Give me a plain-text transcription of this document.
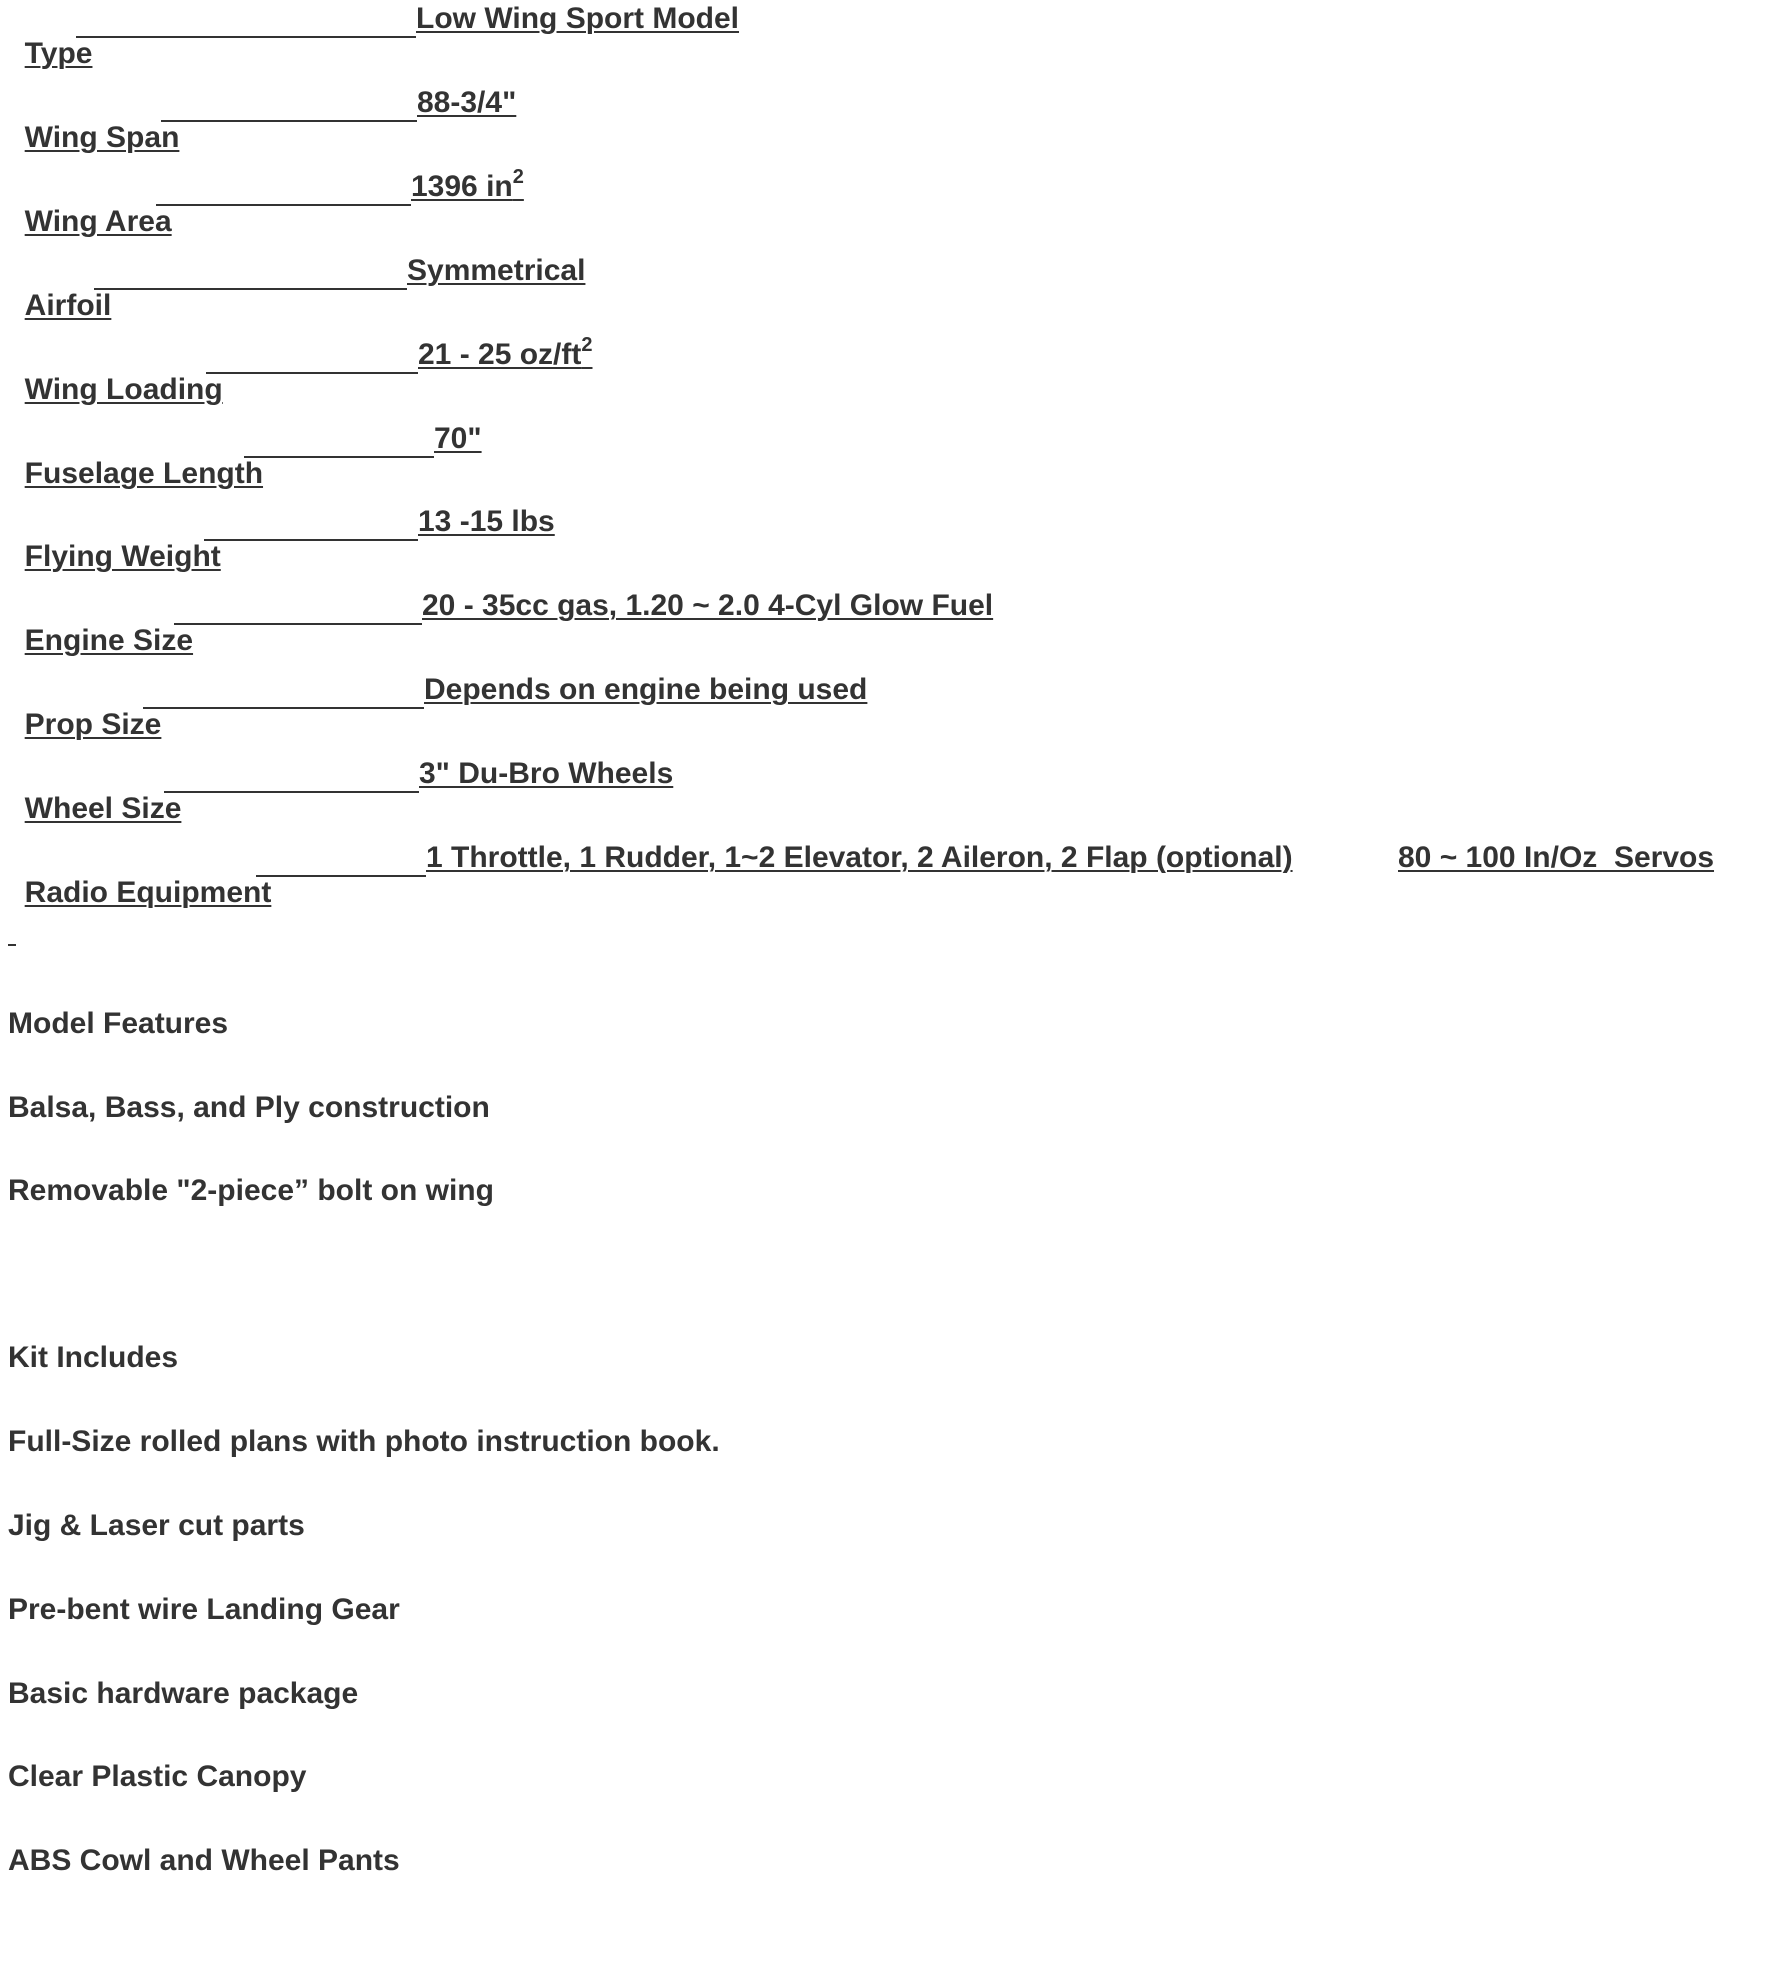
Type

Low Wing Sport Model

Wing Span

88-3/4"

Wing Area

1396 $in^2$

Airfoil

Symmetrical

Wing Loading

21 - 25 $oz/ft^2$

Fuselage Length

70"

Flying Weight

13 -15 lbs

Engine Size

20 - 35cc gas, 1.20 ~ 2.0 4-Cyl Glow Fuel

Prop Size

Depends on engine being used

Wheel Size

3" Du-Bro Wheels

Radio Equipment

1 Throttle, 1 Rudder, 1~2 Elevator, 2 Aileron, 2 Flap (optional)

	80 ~ 100 In/Oz  Servos

Model Features
Balsa, Bass, and Ply construction
Removable "2-piece” bolt on wing
Kit Includes
Full-Size rolled plans with photo instruction book.
Jig & Laser cut parts
Pre-bent wire Landing Gear
Basic hardware package
Clear Plastic Canopy
ABS Cowl and Wheel Pants
